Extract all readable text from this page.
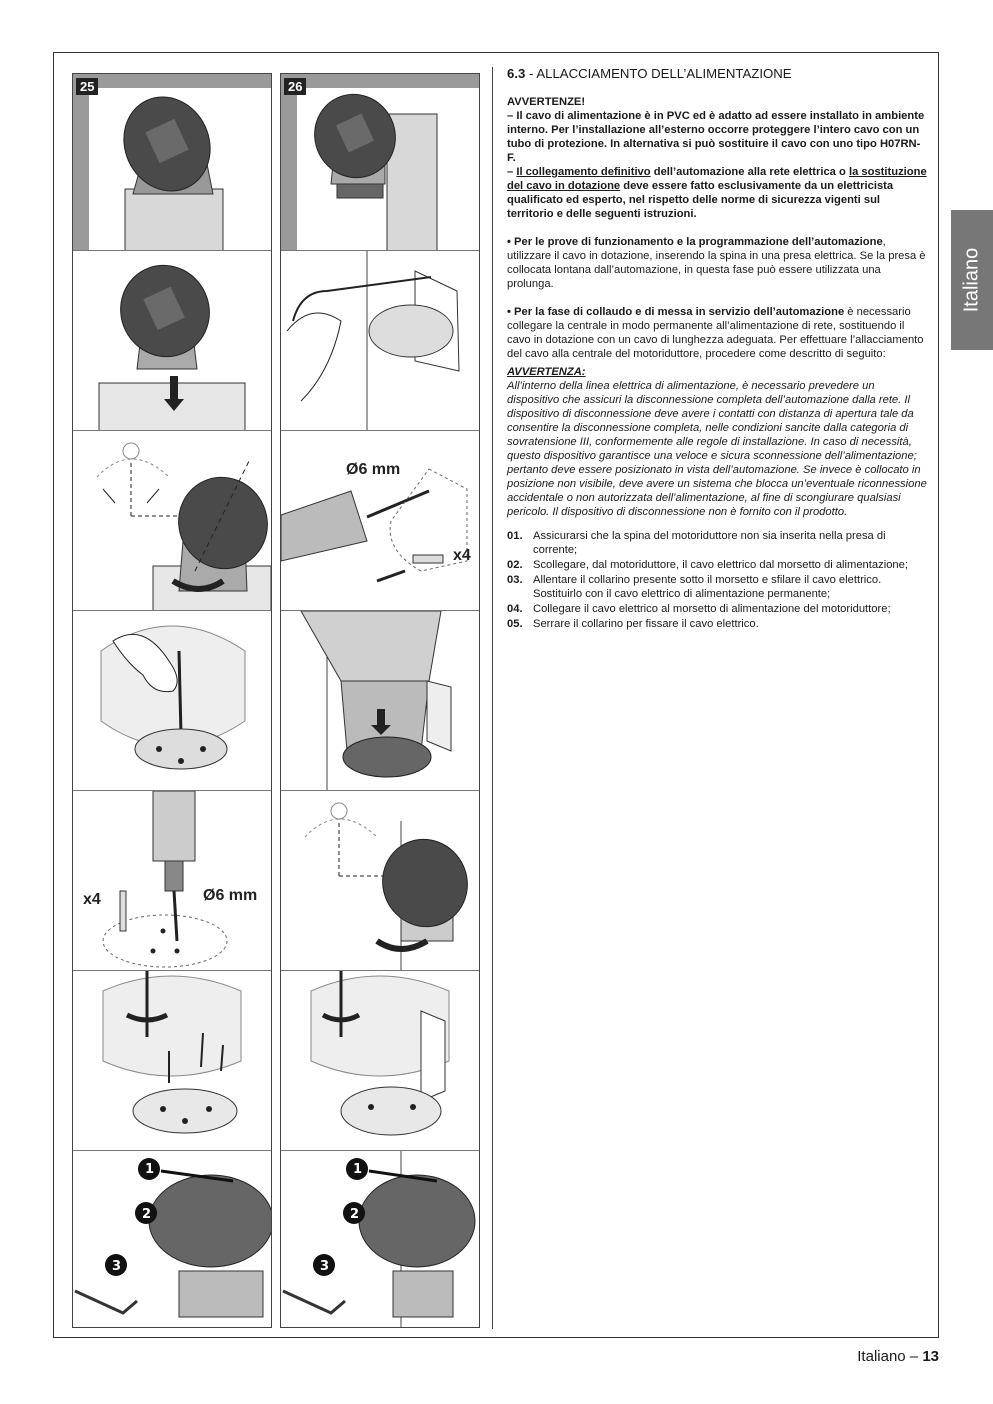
25
x4	Ø6 mm
1
2
3
26
Ø6 mm
x4
1
2
3
6.3 - ALLACCIAMENTO DELL’ALIMENTAZIONE
AVVERTENZE!
– Il cavo di alimentazione è in PVC ed è adatto ad essere installato in ambiente interno. Per l’installazione all’esterno occorre proteggere l’intero cavo con un tubo di protezione. In alternativa si può sostituire il cavo con uno tipo H07RN-F.

– Il collegamento definitivo dell’automazione alla rete elettrica o la sostituzione del cavo in dotazione deve essere fatto esclusivamente da un elettricista qualificato ed esperto, nel rispetto delle norme di sicurezza vigenti sul territorio e delle seguenti istruzioni.

• Per le prove di funzionamento e la programmazione dell’automazione, utilizzare il cavo in dotazione, inserendo la spina in una presa elettrica. Se la presa è collocata lontana dall’automazione, in questa fase può essere utilizzata una prolunga.

• Per la fase di collaudo e di messa in servizio dell’automazione è necessario collegare la centrale in modo permanente all’alimentazione di rete, sostituendo il cavo in dotazione con un cavo di lunghezza adeguata. Per effettuare l’allacciamento del cavo alla centrale del motoriduttore, procedere come descritto di seguito:

AVVERTENZA:

All’interno della linea elettrica di alimentazione, è necessario prevedere un dispositivo che assicuri la disconnessione completa dell’automazione dalla rete. Il dispositivo di disconnessione deve avere i contatti con distanza di apertura tale da consentire la disconnessione completa, nelle condizioni sancite dalla categoria di sovratensione III, conformemente alle regole di installazione. In caso di necessità, questo dispositivo garantisce una veloce e sicura sconnessione dell’alimentazione; pertanto deve essere posizionato in vista dell’automazione. Se invece è collocato in posizione non visibile, deve avere un sistema che blocca un’eventuale riconnessione accidentale o non autorizzata dell’alimentazione, al fine di scongiurare qualsiasi pericolo. Il dispositivo di disconnessione non è fornito con il prodotto.

01. Assicurarsi che la spina del motoriduttore non sia inserita nella presa di corrente;
02. Scollegare, dal motoriduttore, il cavo elettrico dal morsetto di alimentazione;
03. Allentare il collarino presente sotto il morsetto e sfilare il cavo elettrico. Sostituirlo con il cavo elettrico di alimentazione permanente;
04. Collegare il cavo elettrico al morsetto di alimentazione del motoriduttore;
05. Serrare il collarino per fissare il cavo elettrico.
Italiano
Italiano – 13
